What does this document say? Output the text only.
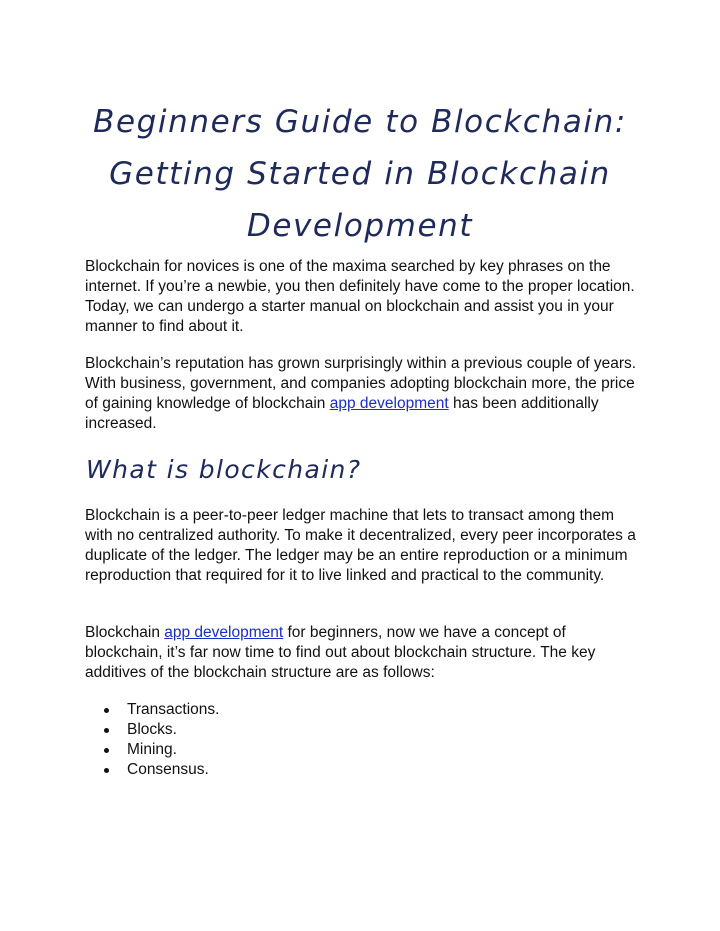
Beginners Guide to Blockchain:
Getting Started in Blockchain
Development

Blockchain for novices is one of the maxima searched by key phrases on the internet. If you’re a newbie, you then definitely have come to the proper location. Today, we can undergo a starter manual on blockchain and assist you in your manner to find about it.

Blockchain’s reputation has grown surprisingly within a previous couple of years. With business, government, and companies adopting blockchain more, the price of gaining knowledge of blockchain app development has been additionally increased.

What is blockchain?

Blockchain is a peer-to-peer ledger machine that lets to transact among them with no centralized authority. To make it decentralized, every peer incorporates a duplicate of the ledger. The ledger may be an entire reproduction or a minimum reproduction that required for it to live linked and practical to the community.

Blockchain app development for beginners, now we have a concept of blockchain, it’s far now time to find out about blockchain structure. The key additives of the blockchain structure are as follows:

Transactions.
Blocks.
Mining.
Consensus.
